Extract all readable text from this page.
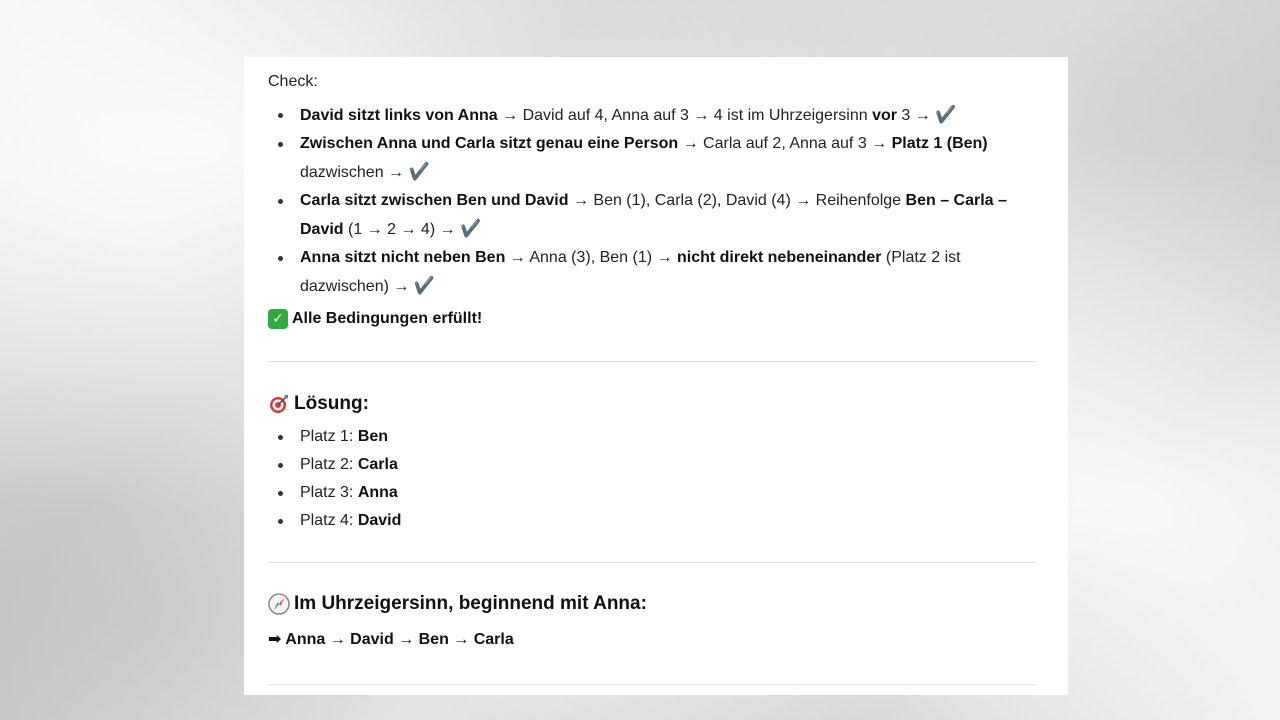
Check:
David sitzt links von Anna → David auf 4, Anna auf 3 → 4 ist im Uhrzeigersinn vor 3 → ✔️
Zwischen Anna und Carla sitzt genau eine Person → Carla auf 2, Anna auf 3 → Platz 1 (Ben) dazwischen → ✔️
Carla sitzt zwischen Ben und David → Ben (1), Carla (2), David (4) → Reihenfolge Ben – Carla – David (1 → 2 → 4) → ✔️
Anna sitzt nicht neben Ben → Anna (3), Ben (1) → nicht direkt nebeneinander (Platz 2 ist dazwischen) → ✔️
✓ Alle Bedingungen erfüllt!
Lösung:
Platz 1: Ben
Platz 2: Carla
Platz 3: Anna
Platz 4: David
Im Uhrzeigersinn, beginnend mit Anna:
➡ Anna → David → Ben → Carla
